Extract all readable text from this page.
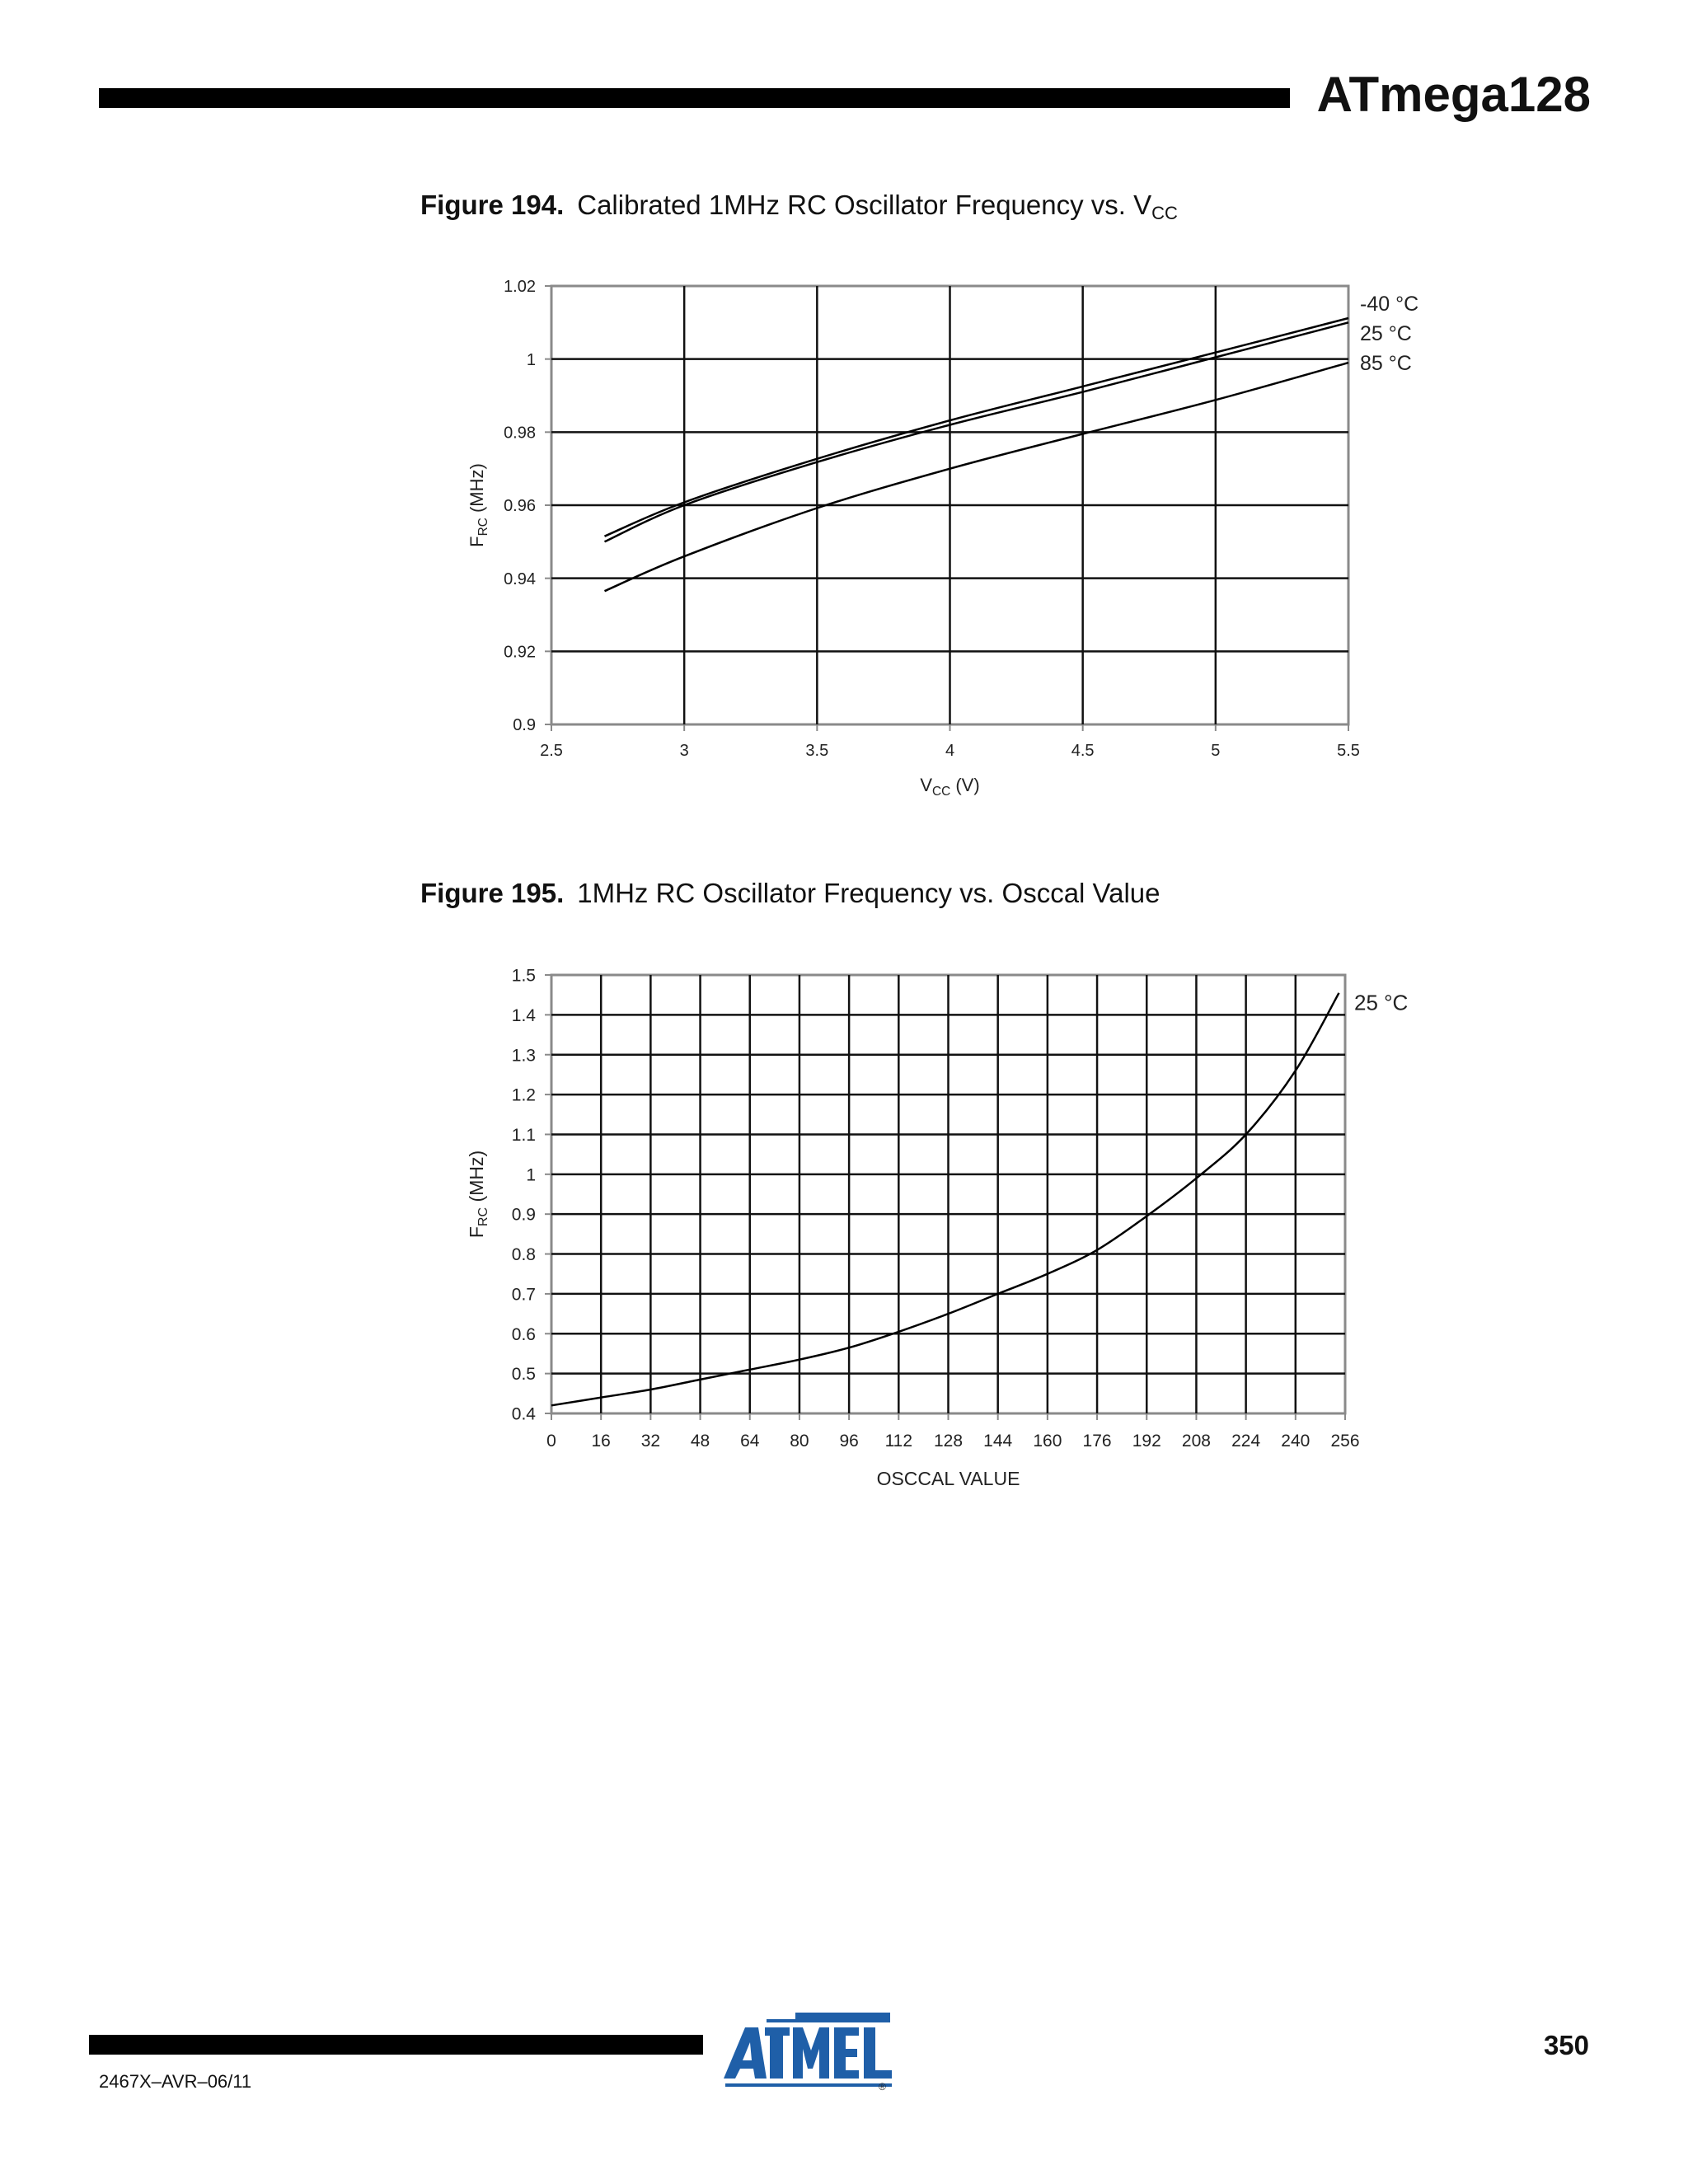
ATmega128
Figure 194. Calibrated 1MHz RC Oscillator Frequency vs. $V_{CC}$
2.5	3	3.5	4	4.5	5	5.5
0.9
0.92
0.94
0.96
0.98
1
1.02
$V_{CC}$ (V)
$F_{RC}$ (MHz)
-40 °C
25 °C
85 °C
Figure 195. 1MHz RC Oscillator Frequency vs. Osccal Value
0 16 32 48 64 80 96 112 128 144 160 176 192 208 224 240 256
0.4
0.5
0.6
0.7
0.8
0.9
1
1.1
1.2
1.3
1.4
1.5
OSCCAL VALUE
$F_{RC}$ (MHz)
25 °C
®
350
2467X–AVR–06/11
